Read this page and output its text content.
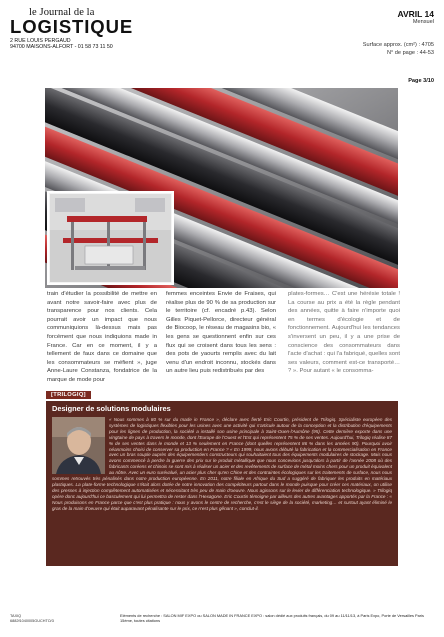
le Journal de la
LOGISTIQUE
2 RUE LOUIS PERGAUD
94700 MAISONS-ALFORT - 01 58 73 11 50
AVRIL 14
Mensuel
Surface approx. (cm²) : 4705
N° de page : 44-53
Page 3/10

train d'étudier la possibilité de mettre en avant notre savoir-faire avec plus de transparence pour nos clients. Cela pourrait avoir un impact que nous communiquions là-dessus mais pas forcément que nous indiquions made in France. Car en ce moment, il y a tellement de faux dans ce domaine que les consommateurs se méfient », juge Anne-Laure Constanza, fondatrice de la marque de mode pour

femmes enceintes Envie de Fraises, qui réalise plus de 90 % de sa production sur le territoire (cf. encadré p.43). Selon Gilles Piquet-Pellorce, directeur général de Biocoop, le réseau de magasins bio, « les gens se questionnent enfin sur ces flux qui se croisent dans tous les sens : des pots de yaourts remplis avec du lait venu d'un endroit inconnu, stockés dans un autre lieu puis redistribués par des

plates-formes… C'est une hérésie totale ! La course au prix a été la règle pendant des années, quitte à faire n'importe quoi en termes d'écologie et de fonctionnement. Aujourd'hui les tendances s'inversent un peu, il y a une prise de conscience des consommateurs dans l'acte d'achat : qui l'a fabriqué, quelles sont ses valeurs, comment est-ce transporté… ? ». Pour autant « le consomma-

[TRILOGIQ]
Designer de solutions modulaires

« Nous sommes à 80 % sur du made in France », déclare avec fierté Eric Courtin, président de Trilogiq. Spécialiste européen des systèmes de logistiques flexibles pour les usines avec une activité qui s'articule autour de la conception et la distribution d'équipements pour les lignes de production, la société a installé son usine principale à Saint-Ouen-l'Aumône (95). Cette dernière exporte dans une vingtaine de pays à travers le monde, dont l'Europe de l'Ouest et l'Est qui représentent 75 % de ses ventes. Aujourd'hui, Trilogiq réalise 87 % de ses ventes dans le monde et 13 % seulement en France (dont quelles représentent 86 % dans les années 90). Pourquoi avoir néanmoins choisi de conserver sa production en France ? « En 1999, nous avons débuté la fabrication et la commercialisation en France avec un bras souple auprès des équipementiers constructeurs qui souhaitaient tous des équipements modulaires de stockage. Mais nous avons commencé à perdre la guerre des prix sur le produit métallique que nous concevions jusqu'alors à partir de l'année 2008 où des fabricants coréens et chinois se sont mis à réaliser un acier et des revêtements de surface de métal moins chers pour un produit équivalent au nôtre. Avec un euro surévalué, un acier plus cher qu'en Chine et des contraintes écologiques sur les traitements de surface, nous nous sommes retrouvés très pénalisés dans notre production européenne. En 2011, notre filiale en Afrique du Sud a suggéré de fabriquer les produits en matériaux plastiques. La plate-forme technologique s'était alors dotée de notre innovation des compétiteurs partout dans le monde puisque pour créer ces matériaux, on utilise des presses à injection complètement automatisées et nécessitant très peu de main d'oeuvre. Nous agissons sur le levier de différenciation technologique. » Trilogiq opère donc aujourd'hui ce basculement qui lui permettra de rester dans l'Hexagone. Eric Courtin témoigne par ailleurs des autres avantages apportés par la France : « Nous produisons en France parce que c'est plus pratique : nous y avons le centre de recherche, c'est le siège de la société, marketing… et surtout ayant éliminé le gras de la main d'oeuvre qui était auparavant pénalisante sur le prix, ce n'est plus gênant », conclut-il.

TAXIQ
6882f1040005GUCHTO/3
Eléments de recherche : SALON MIF EXPO ou SALON MADE IN FRANCE EXPO : salon dédié aux produits français, du 09 au 11/11/13, à Paris Expo, Porte de Versailles Paris 15ème, toutes citations
